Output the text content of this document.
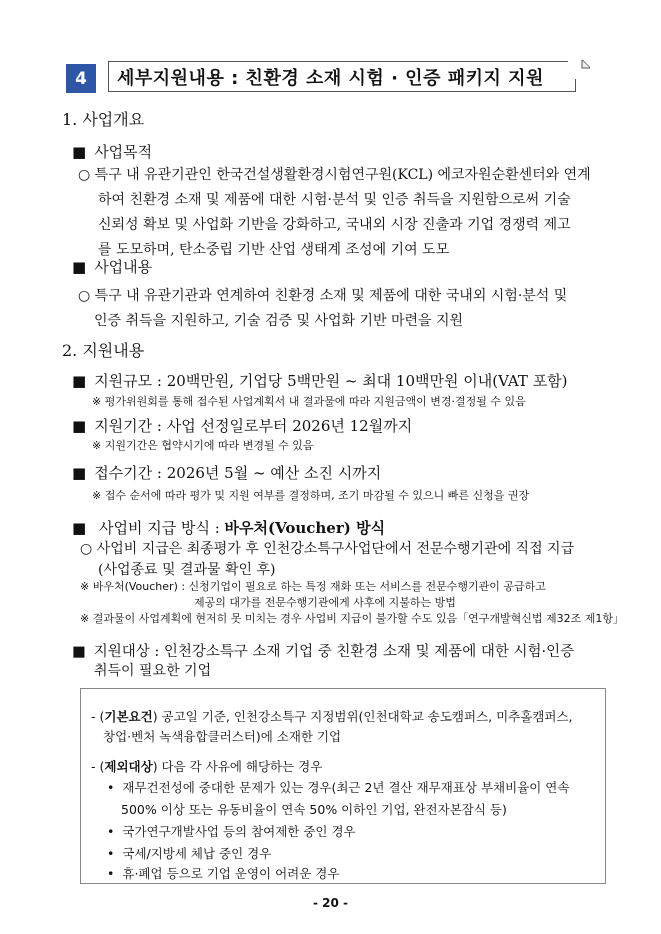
4	세부지원내용 : 친환경 소재 시험 · 인증 패키지 지원
1. 사업개요
■ 사업목적
○ 특구 내 유관기관인 한국건설생활환경시험연구원(KCL) 에코자원순환센터와 연계
하여 친환경 소재 및 제품에 대한 시험·분석 및 인증 취득을 지원함으로써 기술
신뢰성 확보 및 사업화 기반을 강화하고, 국내외 시장 진출과 기업 경쟁력 제고
를 도모하며, 탄소중립 기반 산업 생태계 조성에 기여 도모
■ 사업내용
○ 특구 내 유관기관과 연계하여 친환경 소재 및 제품에 대한 국내외 시험·분석 및
인증 취득을 지원하고, 기술 검증 및 사업화 기반 마련을 지원
2. 지원내용
■ 지원규모 : 20백만원, 기업당 5백만원 ~ 최대 10백만원 이내(VAT 포함)
※ 평가위원회를 통해 접수된 사업계획서 내 결과물에 따라 지원금액이 변경·결정될 수 있음
■ 지원기간 : 사업 선정일로부터 2026년 12월까지
※ 지원기간은 협약시기에 따라 변경될 수 있음
■ 접수기간 : 2026년 5월 ~ 예산 소진 시까지
※ 접수 순서에 따라 평가 및 지원 여부를 결정하며, 조기 마감될 수 있으니 빠른 신청을 권장
■ 사업비 지급 방식 : 바우처(Voucher) 방식
○ 사업비 지급은 최종평가 후 인천강소특구사업단에서 전문수행기관에 직접 지급
(사업종료 및 결과물 확인 후)
※ 바우처(Voucher) : 신청기업이 필요로 하는 특정 재화 또는 서비스를 전문수행기관이 공급하고
제공의 대가를 전문수행기관에게 사후에 지불하는 방법
※ 결과물이 사업계획에 현저히 못 미치는 경우 사업비 지급이 불가할 수도 있음「연구개발혁신법 제32조 제1항」
■ 지원대상 : 인천강소특구 소재 기업 중 친환경 소재 및 제품에 대한 시험·인증
취득이 필요한 기업
- (기본요건) 공고일 기준, 인천강소특구 지정범위(인천대학교 송도캠퍼스, 미추홀캠퍼스,
창업·벤처 녹색융합클러스터)에 소재한 기업
- (제외대상) 다음 각 사유에 해당하는 경우
• 재무건전성에 중대한 문제가 있는 경우(최근 2년 결산 재무재표상 부채비율이 연속
500% 이상 또는 유동비율이 연속 50% 이하인 기업, 완전자본잠식 등)
• 국가연구개발사업 등의 참여제한 중인 경우
• 국세/지방세 체납 중인 경우
• 휴·폐업 등으로 기업 운영이 어려운 경우
- 20 -
